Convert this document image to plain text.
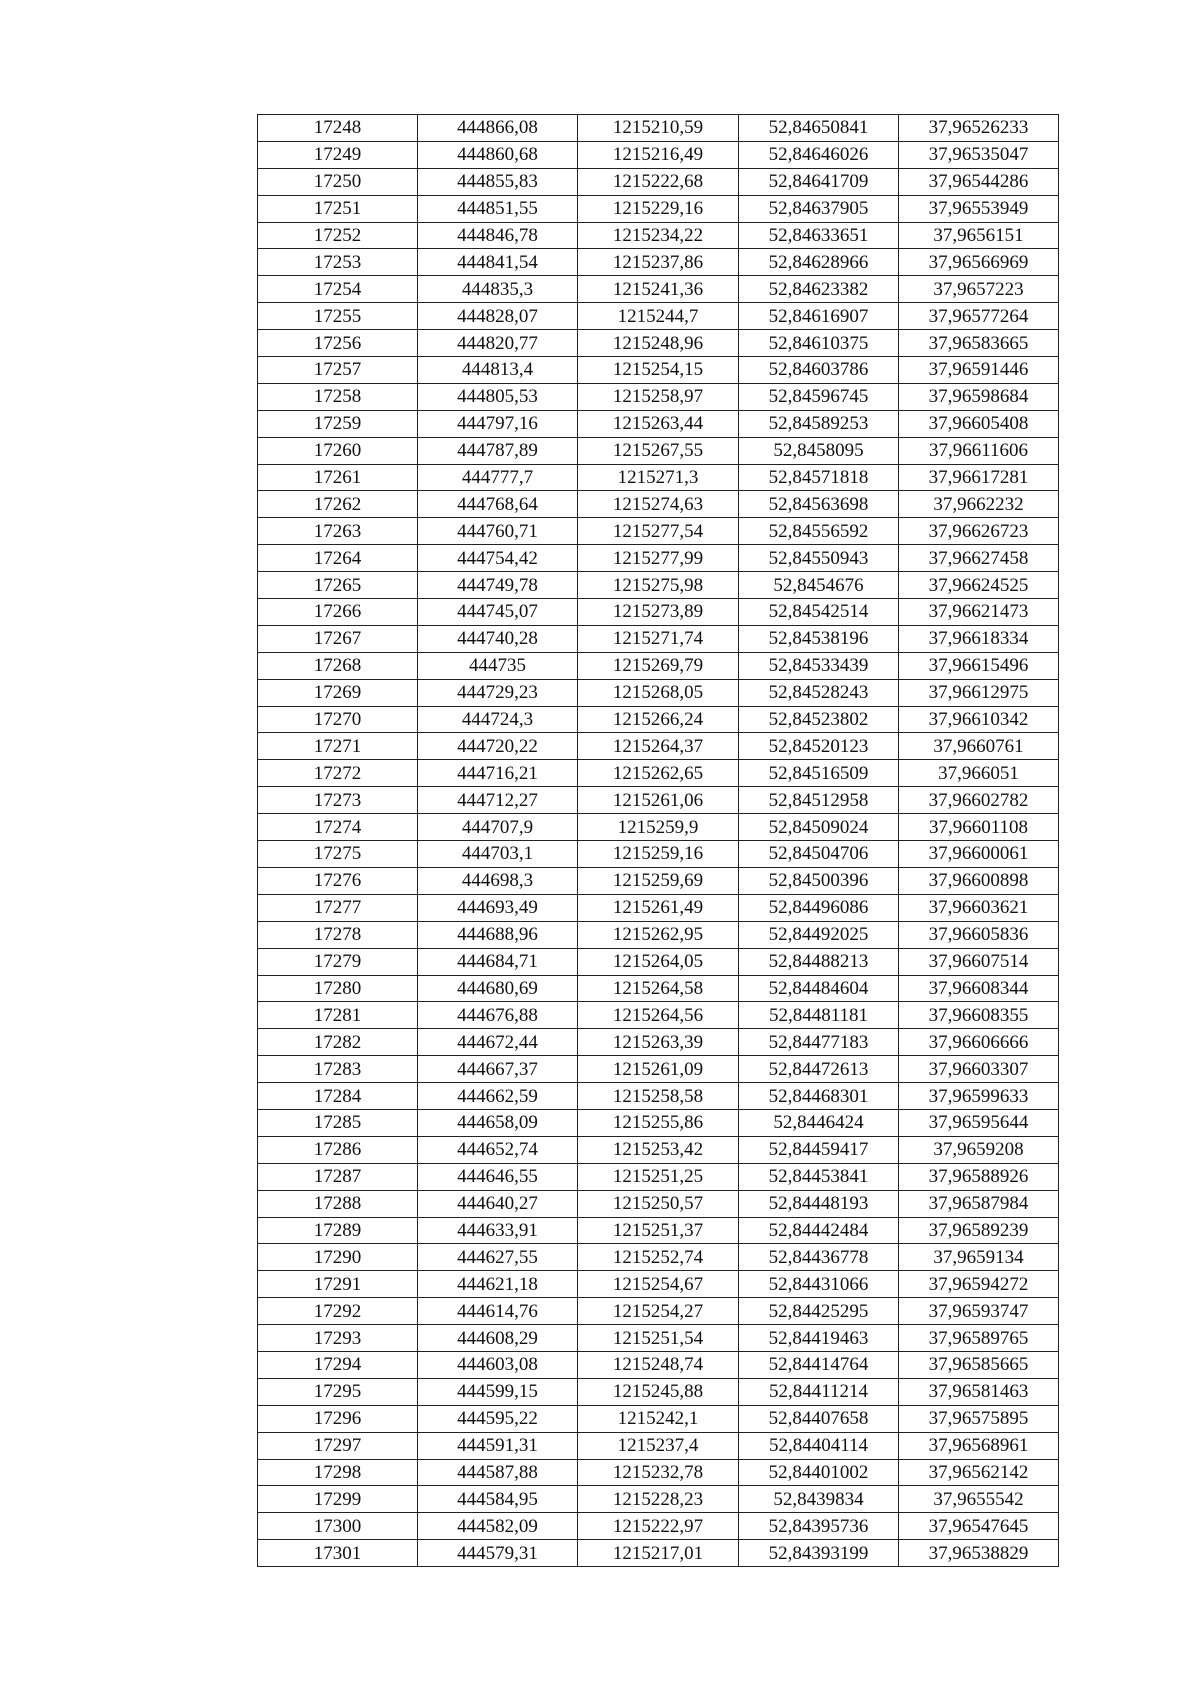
17248	444866,08	1215210,59	52,84650841	37,96526233
17249	444860,68	1215216,49	52,84646026	37,96535047
17250	444855,83	1215222,68	52,84641709	37,96544286
17251	444851,55	1215229,16	52,84637905	37,96553949
17252	444846,78	1215234,22	52,84633651	37,9656151
17253	444841,54	1215237,86	52,84628966	37,96566969
17254	444835,3	1215241,36	52,84623382	37,9657223
17255	444828,07	1215244,7	52,84616907	37,96577264
17256	444820,77	1215248,96	52,84610375	37,96583665
17257	444813,4	1215254,15	52,84603786	37,96591446
17258	444805,53	1215258,97	52,84596745	37,96598684
17259	444797,16	1215263,44	52,84589253	37,96605408
17260	444787,89	1215267,55	52,8458095	37,96611606
17261	444777,7	1215271,3	52,84571818	37,96617281
17262	444768,64	1215274,63	52,84563698	37,9662232
17263	444760,71	1215277,54	52,84556592	37,96626723
17264	444754,42	1215277,99	52,84550943	37,96627458
17265	444749,78	1215275,98	52,8454676	37,96624525
17266	444745,07	1215273,89	52,84542514	37,96621473
17267	444740,28	1215271,74	52,84538196	37,96618334
17268	444735	1215269,79	52,84533439	37,96615496
17269	444729,23	1215268,05	52,84528243	37,96612975
17270	444724,3	1215266,24	52,84523802	37,96610342
17271	444720,22	1215264,37	52,84520123	37,9660761
17272	444716,21	1215262,65	52,84516509	37,966051
17273	444712,27	1215261,06	52,84512958	37,96602782
17274	444707,9	1215259,9	52,84509024	37,96601108
17275	444703,1	1215259,16	52,84504706	37,96600061
17276	444698,3	1215259,69	52,84500396	37,96600898
17277	444693,49	1215261,49	52,84496086	37,96603621
17278	444688,96	1215262,95	52,84492025	37,96605836
17279	444684,71	1215264,05	52,84488213	37,96607514
17280	444680,69	1215264,58	52,84484604	37,96608344
17281	444676,88	1215264,56	52,84481181	37,96608355
17282	444672,44	1215263,39	52,84477183	37,96606666
17283	444667,37	1215261,09	52,84472613	37,96603307
17284	444662,59	1215258,58	52,84468301	37,96599633
17285	444658,09	1215255,86	52,8446424	37,96595644
17286	444652,74	1215253,42	52,84459417	37,9659208
17287	444646,55	1215251,25	52,84453841	37,96588926
17288	444640,27	1215250,57	52,84448193	37,96587984
17289	444633,91	1215251,37	52,84442484	37,96589239
17290	444627,55	1215252,74	52,84436778	37,9659134
17291	444621,18	1215254,67	52,84431066	37,96594272
17292	444614,76	1215254,27	52,84425295	37,96593747
17293	444608,29	1215251,54	52,84419463	37,96589765
17294	444603,08	1215248,74	52,84414764	37,96585665
17295	444599,15	1215245,88	52,84411214	37,96581463
17296	444595,22	1215242,1	52,84407658	37,96575895
17297	444591,31	1215237,4	52,84404114	37,96568961
17298	444587,88	1215232,78	52,84401002	37,96562142
17299	444584,95	1215228,23	52,8439834	37,9655542
17300	444582,09	1215222,97	52,84395736	37,96547645
17301	444579,31	1215217,01	52,84393199	37,96538829
